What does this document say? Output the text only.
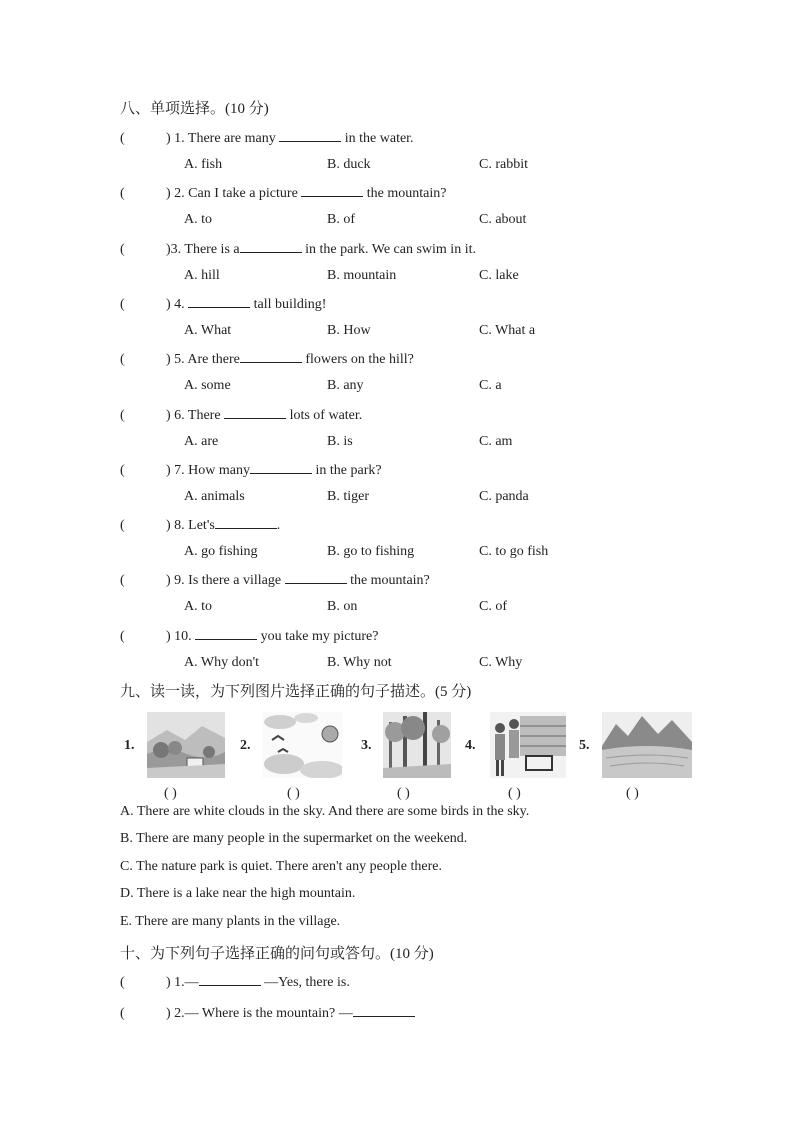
八、单项选择。(10 分)
(	) 1. There are many	in the water.
A. fish	B. duck	C. rabbit
(	) 2. Can I take a picture	the mountain?
A. to	B. of	C. about
(	)3. There is a	in the park. We can swim in it.
A. hill	B. mountain	C. lake
(	) 4.	tall building!
A. What	B. How	C. What a
(	) 5. Are there	flowers on the hill?
A. some	B. any	C. a
(	) 6. There	lots of water.
A. are	B. is	C. am
(	) 7. How many	in the park?
A. animals	B. tiger	C. panda
(	) 8. Let's	.
A. go fishing	B. go to fishing	C. to go fish
(	) 9. Is there a village	the mountain?
A. to	B. on	C. of
(	) 10.	you take my picture?
A. Why don't	B. Why not	C. Why
九、读一读，为下列图片选择正确的句子描述。(5 分)
1.	2.	3.	4.	5.
( )	( )	( )	( )	( )
A. There are white clouds in the sky. And there are some birds in the sky.
B. There are many people in the supermarket on the weekend.
C. The nature park is quiet. There aren't any people there.
D. There is a lake near the high mountain.
E. There are many plants in the village.
十、为下列句子选择正确的问句或答句。(10 分)
(	) 1.—	—Yes, there is.
(	) 2.— Where is the mountain? —
